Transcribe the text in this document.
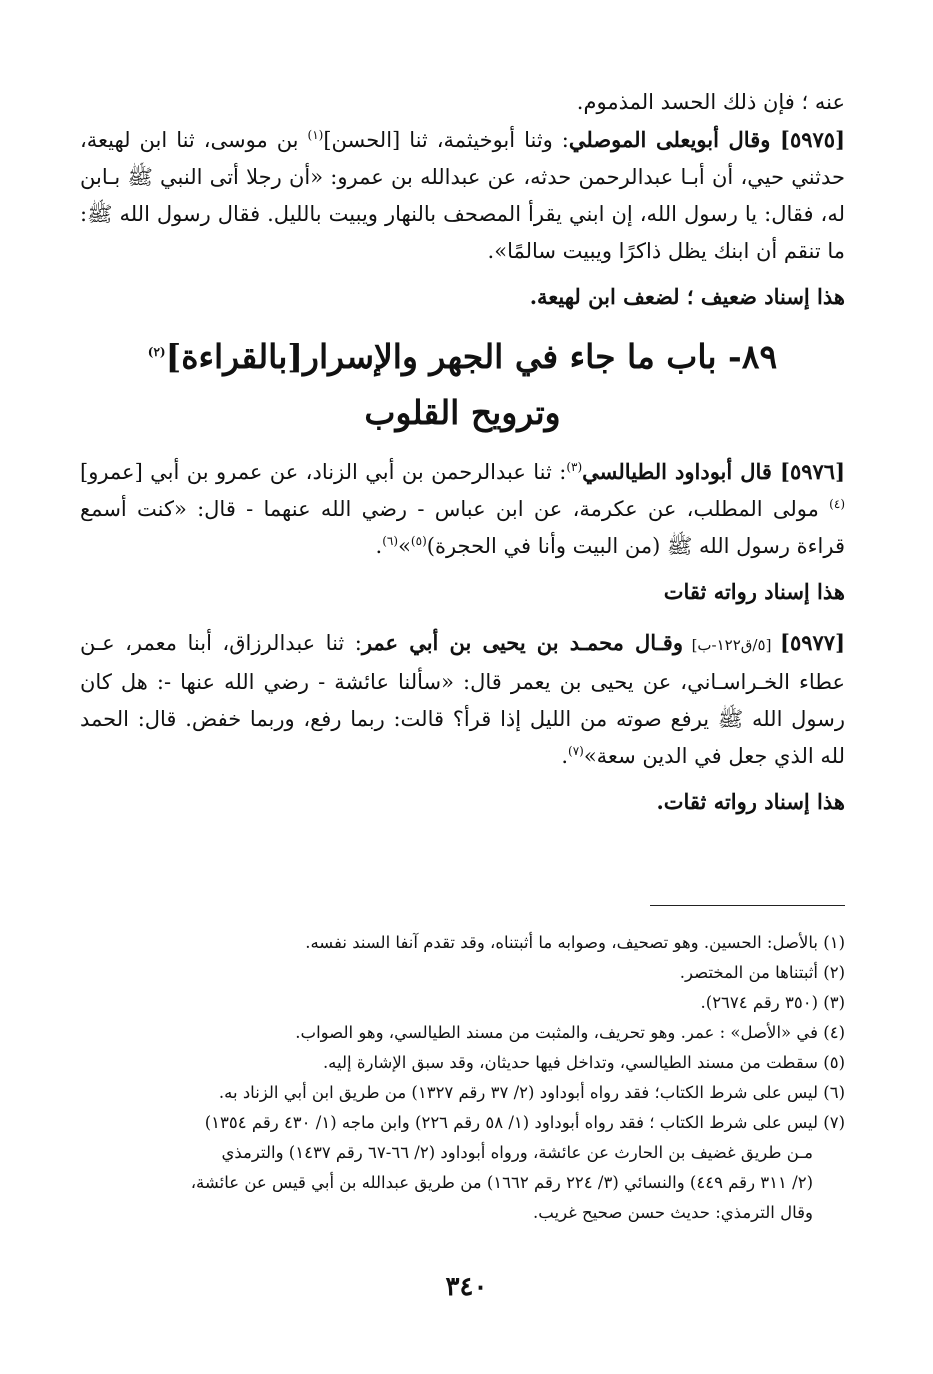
عنه ؛ فإن ذلك الحسد المذموم.

[٥٩٧٥] وقال أبويعلى الموصلي: وثنا أبوخيثمة، ثنا [الحسن]$^{(١)}$ بن موسى، ثنا ابن لهيعة، حدثني حيي، أن أبـا عبدالرحمن حدثه، عن عبدالله بن عمرو: «أن رجلا أتى النبي ﷺ بـابن له، فقال: يا رسول الله، إن ابني يقرأ المصحف بالنهار ويبيت بالليل. فقال رسول الله ﷺ: ما تنقم أن ابنك يظل ذاكرًا ويبيت سالمًا».

هذا إسناد ضعيف ؛ لضعف ابن لهيعة.

٨٩- باب ما جاء في الجهر والإسرار[بالقراءة]$^{(٢)}$
وترويح القلوب

[٥٩٧٦] قال أبوداود الطيالسي$^{(٣)}$: ثنا عبدالرحمن بن أبي الزناد، عن عمرو بن أبي [عمرو]$^{(٤)}$ مولى المطلب، عن عكرمة، عن ابن عباس - رضي الله عنهما - قال: «كنت أسمع قراءة رسول الله ﷺ (من البيت وأنا في الحجرة)$^{(٥)}$»$^{(٦)}$.

هذا إسناد رواته ثقات

[٥٩٧٧] [٥/ق١٢٢-ب] وقـال محمـد بن يحيى بن أبي عمر: ثنا عبدالرزاق، أبنا معمر، عـن عطاء الخـراسـاني، عن يحيى بن يعمر قال: «سألنا عائشة - رضي الله عنها -: هل كان رسول الله ﷺ يرفع صوته من الليل إذا قرأ؟ قالت: ربما رفع، وربما خفض. قال: الحمد لله الذي جعل في الدين سعة»$^{(٧)}$.

هذا إسناد رواته ثقات.

(١) بالأصل: الحسين. وهو تصحيف، وصوابه ما أثبتناه، وقد تقدم آنفا السند نفسه.

(٢) أثبتناها من المختصر.

(٣) (٣٥٠ رقم ٢٦٧٤).

(٤) في «الأصل» : عمر. وهو تحريف، والمثبت من مسند الطيالسي، وهو الصواب.

(٥) سقطت من مسند الطيالسي، وتداخل فيها حديثان، وقد سبق الإشارة إليه.

(٦) ليس على شرط الكتاب؛ فقد رواه أبوداود (٢/ ٣٧ رقم ١٣٢٧) من طريق ابن أبي الزناد به.

(٧) ليس على شرط الكتاب ؛ فقد رواه أبوداود (١/ ٥٨ رقم ٢٢٦) وابن ماجه (١/ ٤٣٠ رقم ١٣٥٤)

مـن طريق غضيف بن الحارث عن عائشة، ورواه أبوداود (٢/ ٦٦-٦٧ رقم ١٤٣٧) والترمذي

(٢/ ٣١١ رقم ٤٤٩) والنسائي (٣/ ٢٢٤ رقم ١٦٦٢) من طريق عبدالله بن أبي قيس عن عائشة،

وقال الترمذي: حديث حسن صحيح غريب.

٣٤٠
